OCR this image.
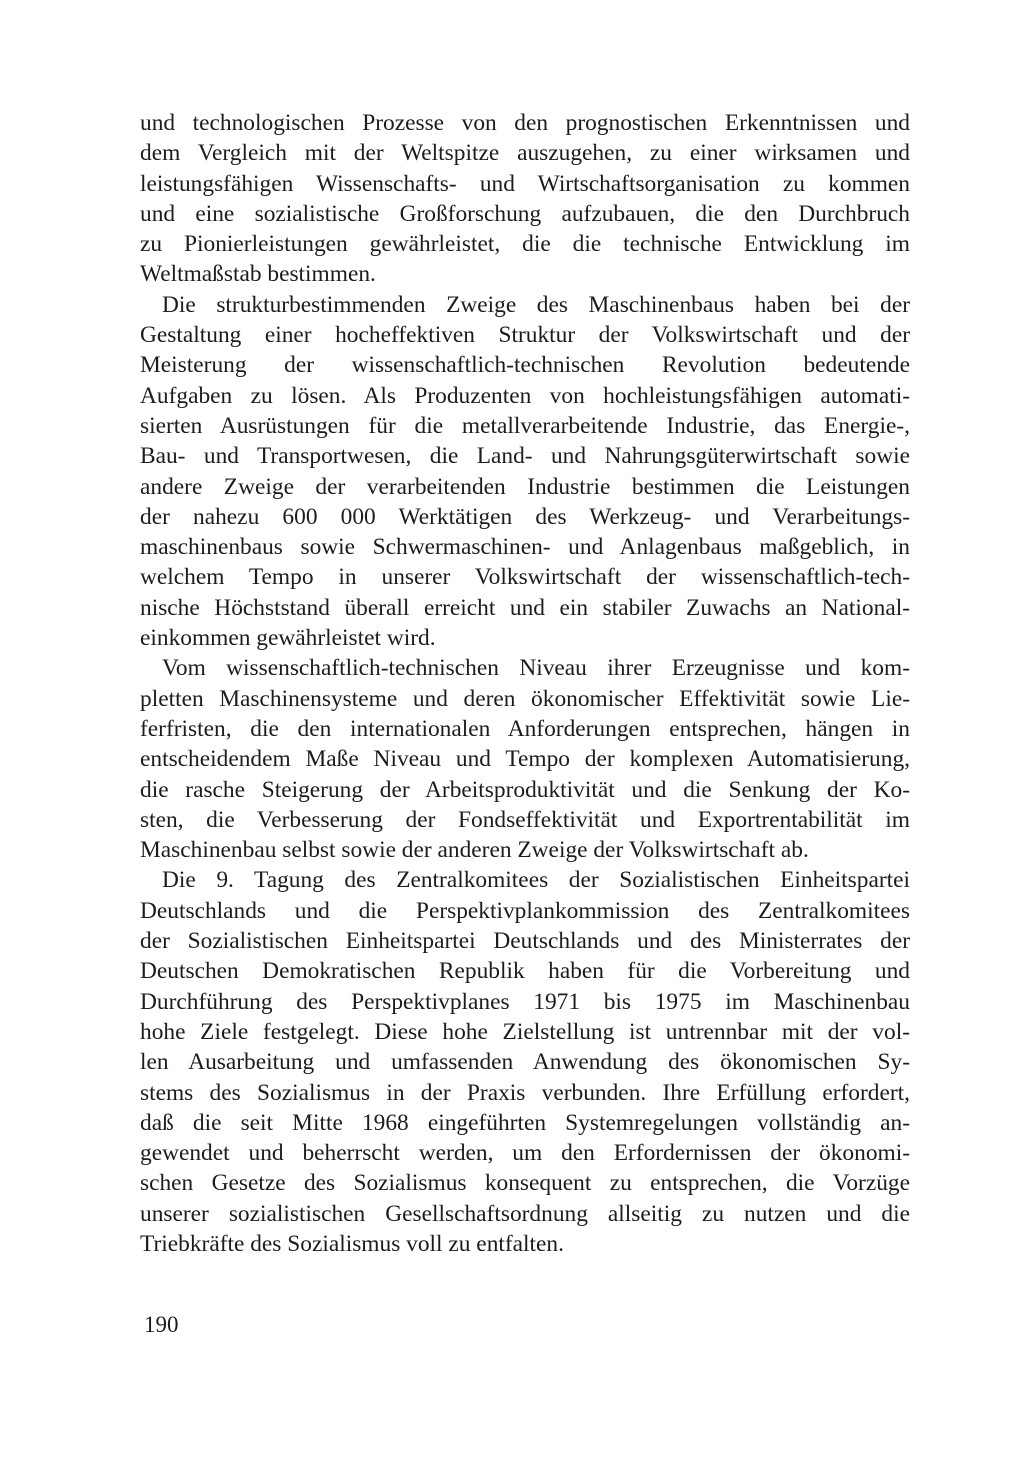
und technologischen Prozesse von den prognostischen Erkenntnissen und
dem Vergleich mit der Weltspitze auszugehen, zu einer wirksamen und
leistungsfähigen Wissenschafts- und Wirtschaftsorganisation zu kommen
und eine sozialistische Großforschung aufzubauen, die den Durchbruch
zu Pionierleistungen gewährleistet, die die technische Entwicklung im
Weltmaßstab bestimmen.

Die strukturbestimmenden Zweige des Maschinenbaus haben bei der
Gestaltung einer hocheffektiven Struktur der Volkswirtschaft und der
Meisterung der wissenschaftlich-technischen Revolution bedeutende
Aufgaben zu lösen. Als Produzenten von hochleistungsfähigen automati-
sierten Ausrüstungen für die metallverarbeitende Industrie, das Energie-,
Bau- und Transportwesen, die Land- und Nahrungsgüterwirtschaft sowie
andere Zweige der verarbeitenden Industrie bestimmen die Leistungen
der nahezu 600 000 Werktätigen des Werkzeug- und Verarbeitungs-
maschinenbaus sowie Schwermaschinen- und Anlagenbaus maßgeblich, in
welchem Tempo in unserer Volkswirtschaft der wissenschaftlich-tech-
nische Höchststand überall erreicht und ein stabiler Zuwachs an National-
einkommen gewährleistet wird.

Vom wissenschaftlich-technischen Niveau ihrer Erzeugnisse und kom-
pletten Maschinensysteme und deren ökonomischer Effektivität sowie Lie-
ferfristen, die den internationalen Anforderungen entsprechen, hängen in
entscheidendem Maße Niveau und Tempo der komplexen Automatisierung,
die rasche Steigerung der Arbeitsproduktivität und die Senkung der Ko-
sten, die Verbesserung der Fondseffektivität und Exportrentabilität im
Maschinenbau selbst sowie der anderen Zweige der Volkswirtschaft ab.

Die 9. Tagung des Zentralkomitees der Sozialistischen Einheitspartei
Deutschlands und die Perspektivplankommission des Zentralkomitees
der Sozialistischen Einheitspartei Deutschlands und des Ministerrates der
Deutschen Demokratischen Republik haben für die Vorbereitung und
Durchführung des Perspektivplanes 1971 bis 1975 im Maschinenbau
hohe Ziele festgelegt. Diese hohe Zielstellung ist untrennbar mit der vol-
len Ausarbeitung und umfassenden Anwendung des ökonomischen Sy-
stems des Sozialismus in der Praxis verbunden. Ihre Erfüllung erfordert,
daß die seit Mitte 1968 eingeführten Systemregelungen vollständig an-
gewendet und beherrscht werden, um den Erfordernissen der ökonomi-
schen Gesetze des Sozialismus konsequent zu entsprechen, die Vorzüge
unserer sozialistischen Gesellschaftsordnung allseitig zu nutzen und die
Triebkräfte des Sozialismus voll zu entfalten.

190
